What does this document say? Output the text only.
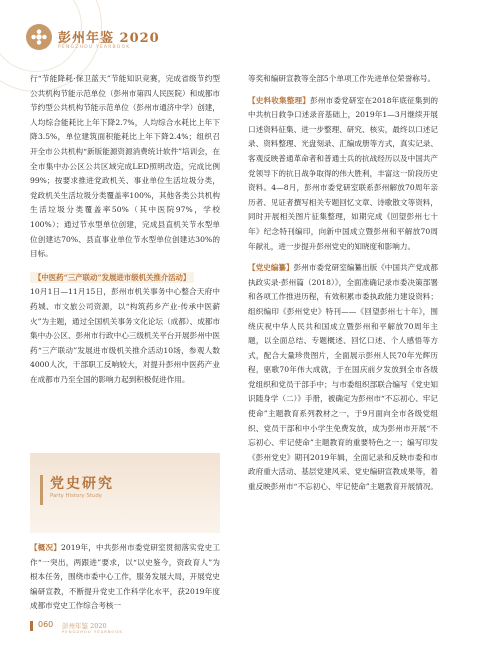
彭州年鉴 2020
PENGZHOU YEARBOOK

行“节能降耗·保卫蓝天”节能知识竞赛，完成省级节约型公共机构节能示范单位（彭州市第四人民医院）和成都市节约型公共机构节能示范单位（彭州市通济中学）创建，人均综合能耗比上年下降2.7%，人均综合水耗比上年下降3.5%，单位建筑面积能耗比上年下降2.4%；组织召开全市公共机构“新版能源资源消费统计软件”培训会，在全市集中办公区公共区域完成LED照明改造，完成比例99%；按要求推进党政机关、事业单位生活垃圾分类，党政机关生活垃圾分类覆盖率100%，其他各类公共机构生活垃圾分类覆盖率50%（其中医院97%，学校100%）；通过节水型单位创建，完成县直机关节水型单位创建达70%、县直事业单位节水型单位创建达30%的目标。

【中医药“三产联动”发展进市级机关推介活动】

10月1日—11月15日，彭州市机关事务中心整合天府中药城、市文旅公司资源，以“构筑药乡产业·传承中医薪火”为主题，通过全国机关事务文化论坛（成都）、成都市集中办公区、彭州市行政中心三级机关平台开展彭州中医药“三产联动”发展进市级机关推介活动10场，参观人数4000人次，干部职工反响较大，对提升彭州中医药产业在成都市乃至全国的影响力起到积极促进作用。

党史研究
Party History Study

【概况】2019年，中共彭州市委党研室贯彻落实党史工作“一突出，两跟进”要求，以“以史鉴今，资政育人”为根本任务，围绕市委中心工作，服务发展大局，开展党史编研宣教，不断提升党史工作科学化水平，获2019年度成都市党史工作综合考核一

等奖和编研宣教等全部5个单项工作先进单位荣誉称号。

【史料收集整理】彭州市委党研室在2018年底征集到的中共杭日救争口述录音基础上，2019年1—3月继续开展口述资料征集、进一步整理、研究、核实，最终以口述记录、资料整理、光盘刻录、汇编成册等方式，真实记录、客观反映普通革命者和普通士兵的抗战经历以及中国共产党领导下的抗日战争取得的伟大胜利，丰富这一阶段历史资料。4—8月，彭州市委党研室联系彭州解放70周年亲历者、见证者撰写相关专题回忆文章、诗歌散文等资料，同时开展相关图片征集整理，如期完成《回望彭州七十年》纪念特刊编印，向新中国成立暨彭州和平解放70周年献礼，进一步提升彭州党史的知晓度和影响力。

【党史编纂】彭州市委党研室编纂出版《中国共产党成都执政实录·彭州篇（2018）》，全面准确记录市委决策部署和各项工作推进历程，有效积累市委执政能力建设资料；组织编印《彭州党史》特刊——《回望彭州七十年》，围绕庆祝中华人民共和国成立暨彭州和平解放70周年主题，以全面总结、专题概述、回忆口述、个人感悟等方式，配合大量珍贵图片，全面展示彭州人民70年光辉历程，驱歌70年伟大成就，于在国庆前夕发放到全市各级党组织和党员干部手中；与市委组织部联合编写《党史知识随身学（二）》手册，被确定为彭州市“不忘初心、牢记使命”主题教育系列教材之一，于9月面向全市各级党组织、党员干部和中小学生免费发放，成为彭州市开展“不忘初心、牢记使命”主题教育的重要特色之一；编写印发《彭州党史》期刊2019年辑，全面记录和反映市委和市政府重大活动、基层党建风采、党史编研宣教成果等，着重反映彭州市“不忘初心、牢记使命”主题教育开展情况。

060 彭州年鉴 2020
PENGZHOU YEARBOOK
